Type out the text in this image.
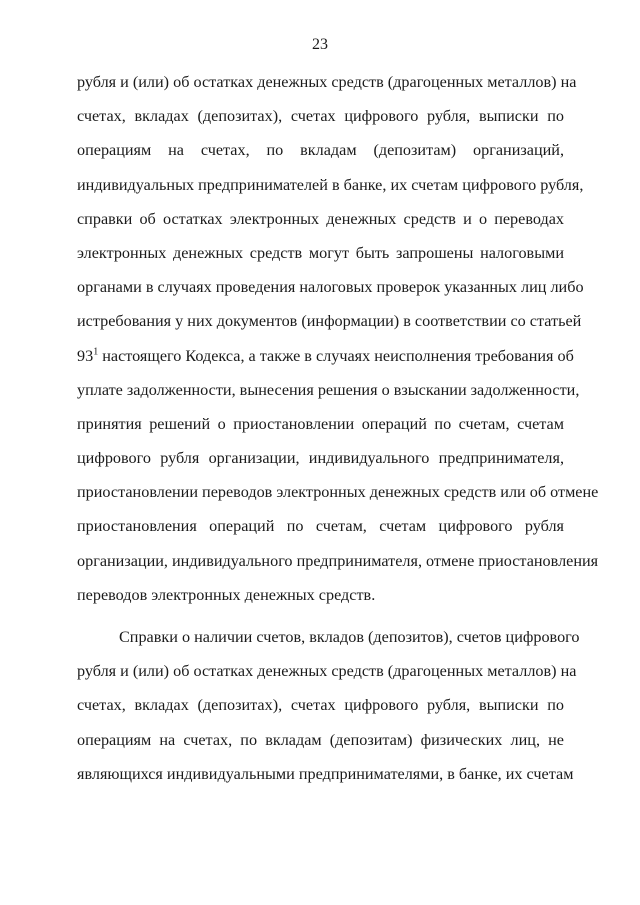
23
рубля и (или) об остатках денежных средств (драгоценных металлов) на
счетах, вкладах (депозитах), счетах цифрового рубля, выписки по
операциям на счетах, по вкладам (депозитам) организаций,
индивидуальных предпринимателей в банке, их счетам цифрового рубля,
справки об остатках электронных денежных средств и о переводах
электронных денежных средств могут быть запрошены налоговыми
органами в случаях проведения налоговых проверок указанных лиц либо
истребования у них документов (информации) в соответствии со статьей
$93^1$ настоящего Кодекса, а также в случаях неисполнения требования об
уплате задолженности, вынесения решения о взыскании задолженности,
принятия решений о приостановлении операций по счетам, счетам
цифрового рубля организации, индивидуального предпринимателя,
приостановлении переводов электронных денежных средств или об отмене
приостановления операций по счетам, счетам цифрового рубля
организации, индивидуального предпринимателя, отмене приостановления
переводов электронных денежных средств.
Справки о наличии счетов, вкладов (депозитов), счетов цифрового
рубля и (или) об остатках денежных средств (драгоценных металлов) на
счетах, вкладах (депозитах), счетах цифрового рубля, выписки по
операциям на счетах, по вкладам (депозитам) физических лиц, не
являющихся индивидуальными предпринимателями, в банке, их счетам
